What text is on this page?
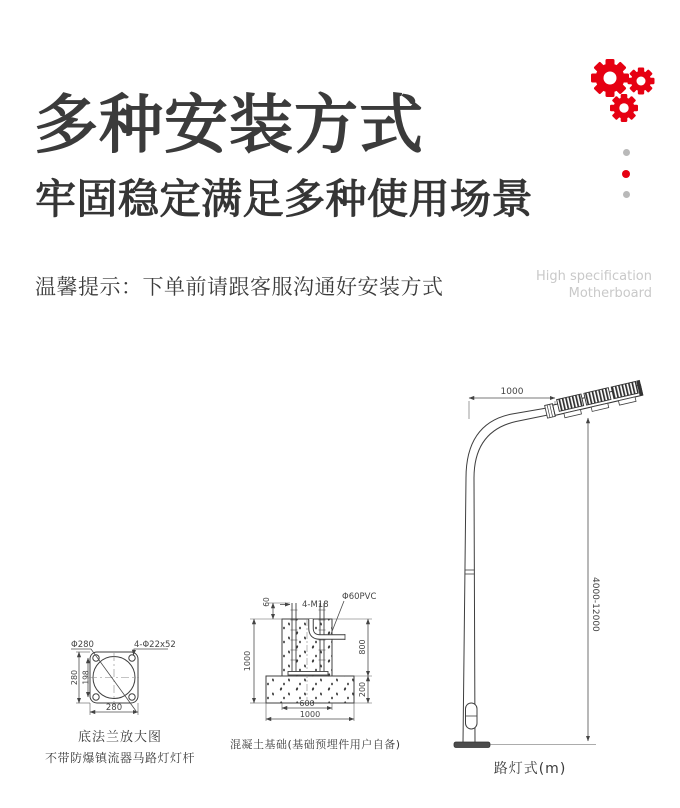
多种安装方式
牢固稳定满足多种使用场景
温馨提示：下单前请跟客服沟通好安装方式	High specification
Motherboard
Φ280	4-Φ22x52
280 198
280
底法兰放大图
不带防爆镇流器马路灯灯杆
1000
60	4-M18
Φ60PVC
800
200
600
1000
混凝土基础(基础预埋件用户自备)
1000
4000-12000
路灯式(m)
